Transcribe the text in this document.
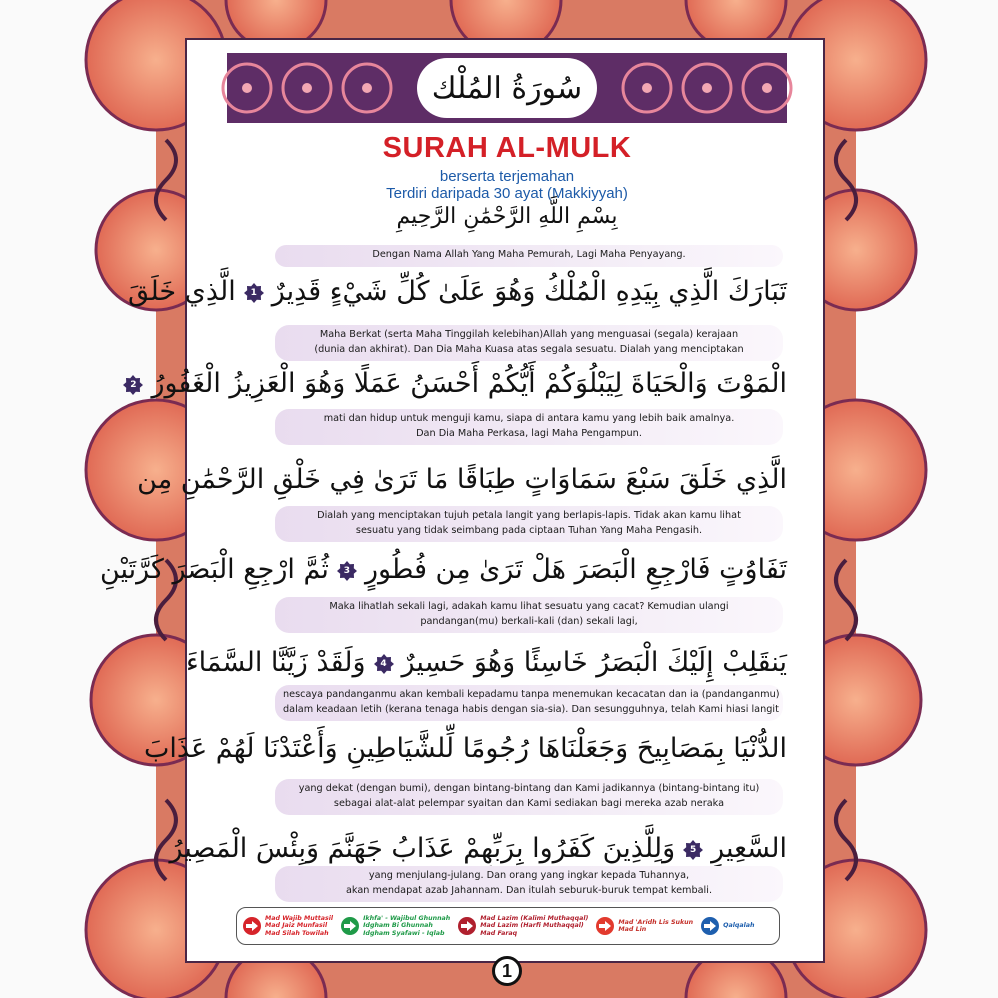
سُورَةُ المُلْك
SURAH AL-MULK
berserta terjemahan
Terdiri daripada 30 ayat (Makkiyyah)
بِسْمِ اللَّهِ الرَّحْمَٰنِ الرَّحِيمِ
Dengan Nama Allah Yang Maha Pemurah, Lagi Maha Penyayang.
تَبَارَكَ الَّذِي بِيَدِهِ الْمُلْكُ وَهُوَ عَلَىٰ كُلِّ شَيْءٍ قَدِيرٌ
1
الَّذِي خَلَقَ
Maha Berkat (serta Maha Tinggilah kelebihan)Allah yang menguasai (segala) kerajaan
(dunia dan akhirat). Dan Dia Maha Kuasa atas segala sesuatu. Dialah yang menciptakan
الْمَوْتَ وَالْحَيَاةَ لِيَبْلُوَكُمْ أَيُّكُمْ أَحْسَنُ عَمَلًا وَهُوَ الْعَزِيزُ الْغَفُورُ
2
mati dan hidup untuk menguji kamu, siapa di antara kamu yang lebih baik amalnya.
Dan Dia Maha Perkasa, lagi Maha Pengampun.
الَّذِي خَلَقَ سَبْعَ سَمَاوَاتٍ طِبَاقًا مَا تَرَىٰ فِي خَلْقِ الرَّحْمَٰنِ مِن
Dialah yang menciptakan tujuh petala langit yang berlapis-lapis. Tidak akan kamu lihat
sesuatu yang tidak seimbang pada ciptaan Tuhan Yang Maha Pengasih.
تَفَاوُتٍ فَارْجِعِ الْبَصَرَ هَلْ تَرَىٰ مِن فُطُورٍ
3
ثُمَّ ارْجِعِ الْبَصَرَ كَرَّتَيْنِ
Maka lihatlah sekali lagi, adakah kamu lihat sesuatu yang cacat? Kemudian ulangi
pandangan(mu) berkali-kali (dan) sekali lagi,
يَنقَلِبْ إِلَيْكَ الْبَصَرُ خَاسِئًا وَهُوَ حَسِيرٌ
4
وَلَقَدْ زَيَّنَّا السَّمَاءَ
nescaya pandanganmu akan kembali kepadamu tanpa menemukan kecacatan dan ia (pandanganmu)
dalam keadaan letih (kerana tenaga habis dengan sia-sia). Dan sesungguhnya, telah Kami hiasi langit
الدُّنْيَا بِمَصَابِيحَ وَجَعَلْنَاهَا رُجُومًا لِّلشَّيَاطِينِ وَأَعْتَدْنَا لَهُمْ عَذَابَ
yang dekat (dengan bumi), dengan bintang-bintang dan Kami jadikannya (bintang-bintang itu)
sebagai alat-alat pelempar syaitan dan Kami sediakan bagi mereka azab neraka
السَّعِيرِ
5
وَلِلَّذِينَ كَفَرُوا بِرَبِّهِمْ عَذَابُ جَهَنَّمَ وَبِئْسَ الْمَصِيرُ
yang menjulang-julang. Dan orang yang ingkar kepada Tuhannya,
akan mendapat azab Jahannam. Dan itulah seburuk-buruk tempat kembali.
Mad Wajib Muttasil
Mad Jaiz Munfasil
Mad Silah Towilah
Ikhfa' - Wajibul Ghunnah
Idgham Bi Ghunnah
Idgham Syafawi - Iqlab
Mad Lazim (Kalimi Muthaqqal)
Mad Lazim (Harfi Muthaqqal)
Mad Faraq
Mad 'Aridh Lis Sukun
Mad Lin
Qalqalah
1
